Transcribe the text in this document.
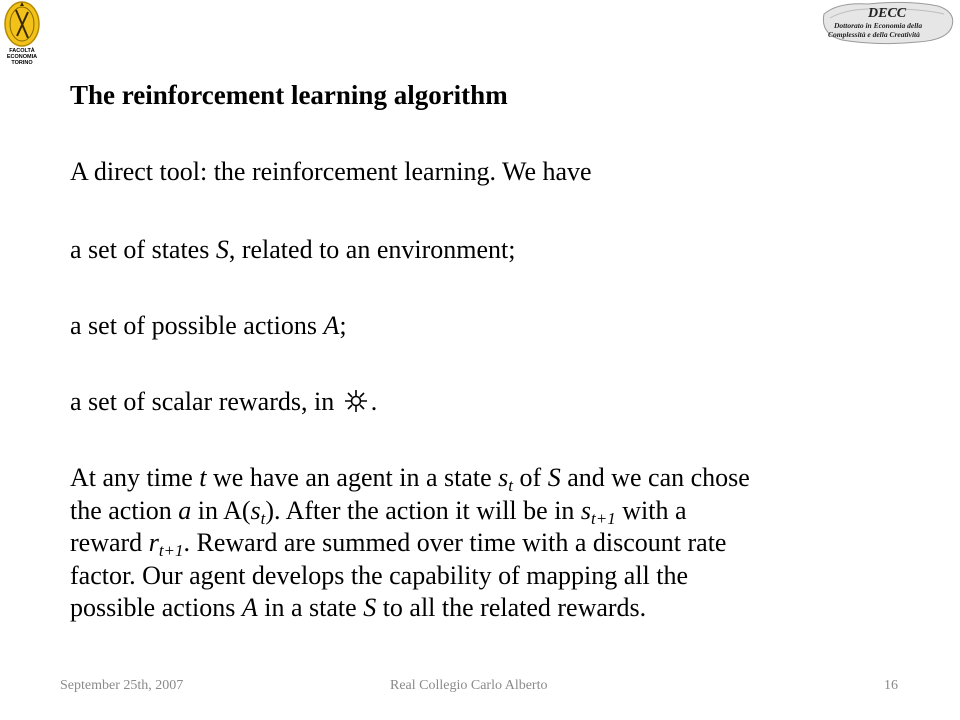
FACOLTÀ
ECONOMIA
TORINO
DECC
Dottorato in Economia della
Complessità e della Creatività
The reinforcement learning algorithm
A direct tool: the reinforcement learning. We have
a set of states S, related to an environment;
a set of possible actions A;
a set of scalar rewards, in .
At any time t we have an agent in a state $s_t$ of S and we can chose
the action a in $A(s_t)$. After the action it will be in $s_{t+1}$ with a
reward $r_{t+1}$. Reward are summed over time with a discount rate
factor. Our agent develops the capability of mapping all the
possible actions A in a state S to all the related rewards.
September 25th, 2007	Real Collegio Carlo Alberto	16
